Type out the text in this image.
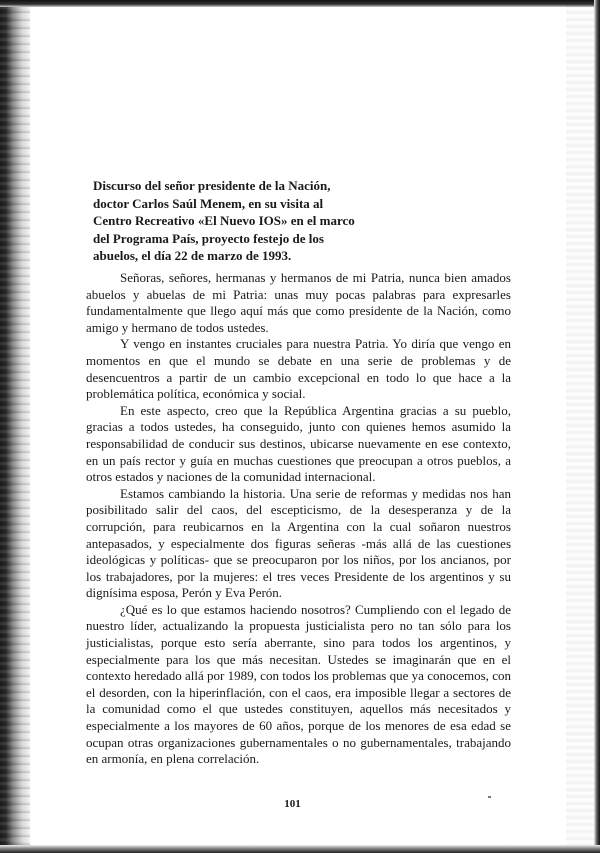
Discurso del señor presidente de la Nación,
doctor Carlos Saúl Menem, en su visita al
Centro Recreativo «El Nuevo IOS» en el marco
del Programa País, proyecto festejo de los
abuelos, el día 22 de marzo de 1993.

Señoras, señores, hermanas y hermanos de mi Patria, nunca bien amados abuelos y abuelas de mi Patria: unas muy pocas palabras para expresarles fundamentalmente que llego aquí más que como presidente de la Nación, como amigo y hermano de todos ustedes.

Y vengo en instantes cruciales para nuestra Patria. Yo diría que vengo en momentos en que el mundo se debate en una serie de problemas y de desencuentros a partir de un cambio excepcional en todo lo que hace a la problemática política, económica y social.

En este aspecto, creo que la República Argentina gracias a su pueblo, gracias a todos ustedes, ha conseguido, junto con quienes hemos asumido la responsabilidad de conducir sus destinos, ubicarse nuevamente en ese contexto, en un país rector y guía en muchas cuestiones que preocupan a otros pueblos, a otros estados y naciones de la comunidad internacional.

Estamos cambiando la historia. Una serie de reformas y medidas nos han posibilitado salir del caos, del escepticismo, de la desesperanza y de la corrupción, para reubicarnos en la Argentina con la cual soñaron nuestros antepasados, y especialmente dos figuras señeras -más allá de las cuestiones ideológicas y políticas- que se preocuparon por los niños, por los ancianos, por los trabajadores, por la mujeres: el tres veces Presidente de los argentinos y su dignísima esposa, Perón y Eva Perón.

¿Qué es lo que estamos haciendo nosotros? Cumpliendo con el legado de nuestro líder, actualizando la propuesta justicialista pero no tan sólo para los justicialistas, porque esto sería aberrante, sino para todos los argentinos, y especialmente para los que más necesitan. Ustedes se imaginarán que en el contexto heredado allá por 1989, con todos los problemas que ya conocemos, con el desorden, con la hiperinflación, con el caos, era imposible llegar a sectores de la comunidad como el que ustedes constituyen, aquellos más necesitados y especialmente a los mayores de 60 años, porque de los menores de esa edad se ocupan otras organizaciones gubernamentales o no gubernamentales, trabajando en armonía, en plena correlación.

101
